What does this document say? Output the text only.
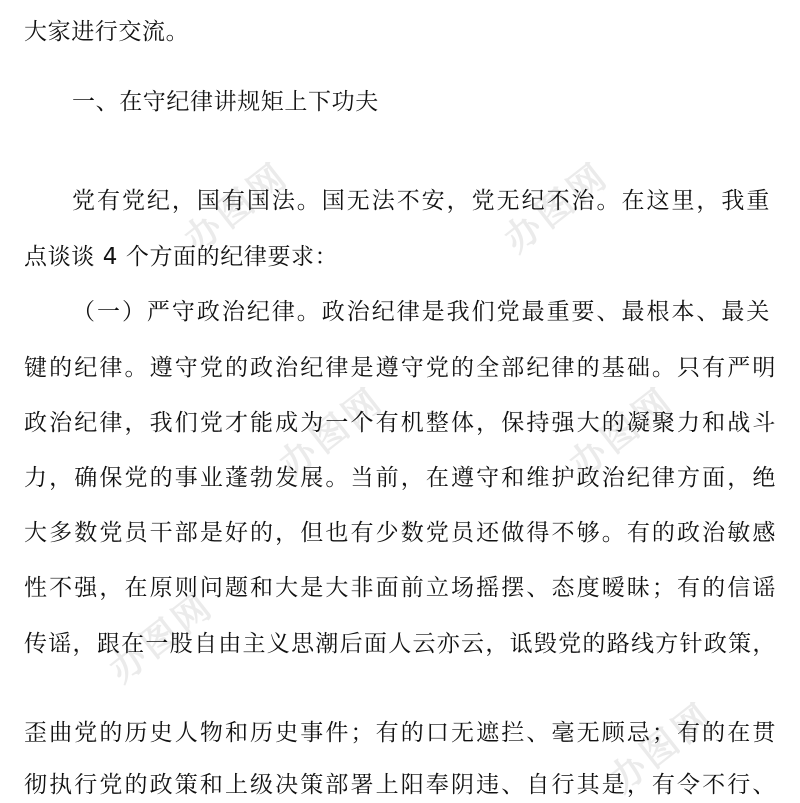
办图网	办图网
办图网	办图网
办图网
办图网
大家进行交流。
一、在守纪律讲规矩上下功夫
党有党纪，国有国法。国无法不安，党无纪不治。在这里，我重
点谈谈 4 个方面的纪律要求：
（一）严守政治纪律。政治纪律是我们党最重要、最根本、最关
键的纪律。遵守党的政治纪律是遵守党的全部纪律的基础。只有严明
政治纪律，我们党才能成为一个有机整体，保持强大的凝聚力和战斗
力，确保党的事业蓬勃发展。当前，在遵守和维护政治纪律方面，绝
大多数党员干部是好的，但也有少数党员还做得不够。有的政治敏感
性不强，在原则问题和大是大非面前立场摇摆、态度暧昧；有的信谣
传谣，跟在一股自由主义思潮后面人云亦云，诋毁党的路线方针政策，
歪曲党的历史人物和历史事件；有的口无遮拦、毫无顾忌；有的在贯
彻执行党的政策和上级决策部署上阳奉阴违、自行其是，有令不行、
